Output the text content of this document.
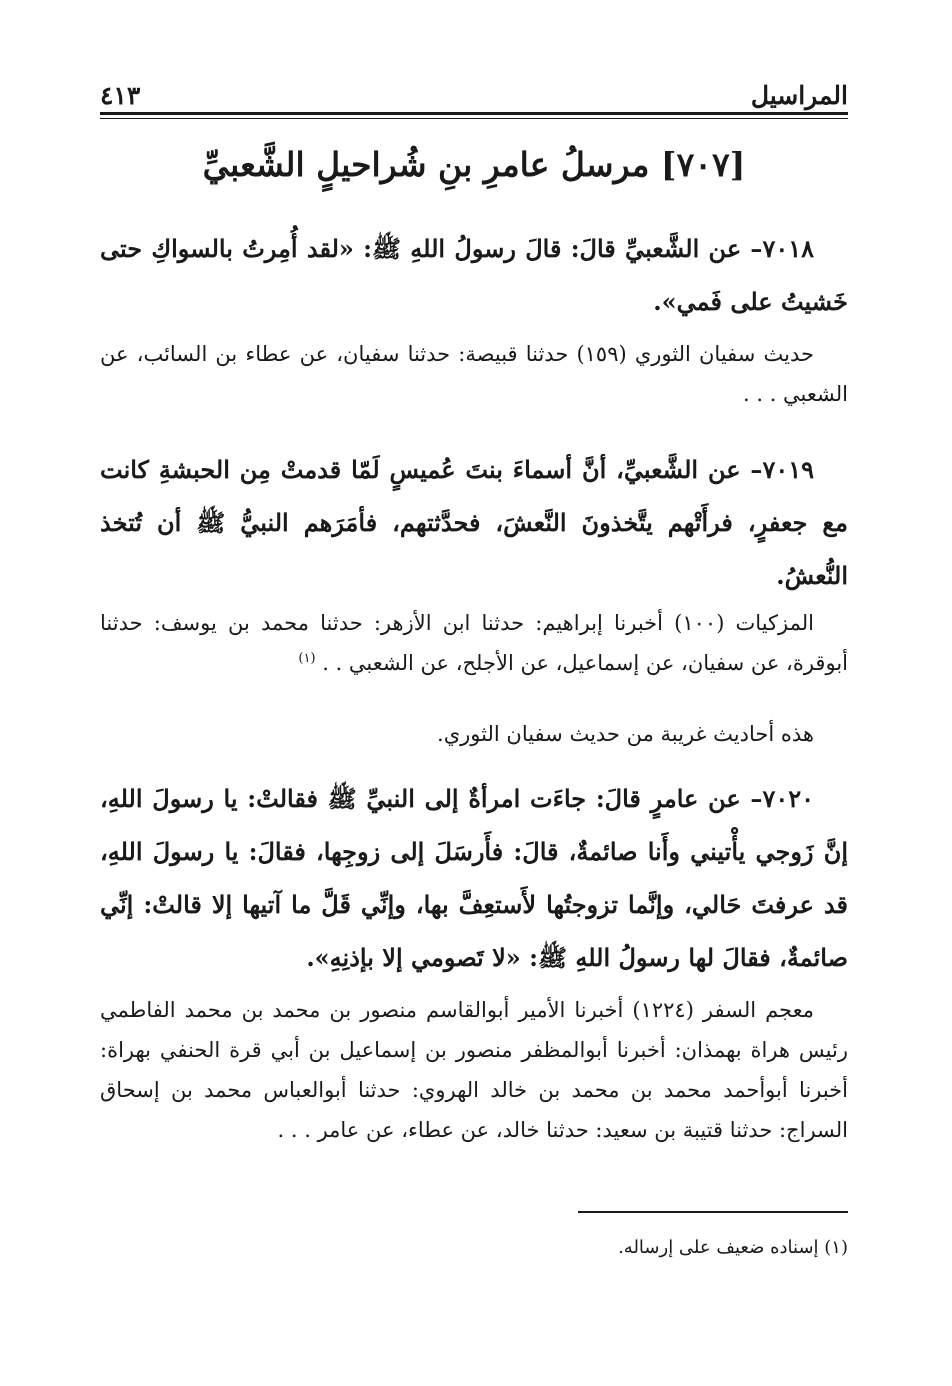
المراسيل
٤١٣
[٧٠٧] مرسلُ عامرِ بنِ شُراحيلٍ الشَّعبيِّ
٧٠١٨– عن الشَّعبيِّ قالَ: قالَ رسولُ اللهِ ﷺ: «لقد أُمِرتُ بالسواكِ حتى خَشيتُ على فَمي».
حديث سفيان الثوري (١٥٩) حدثنا قبيصة: حدثنا سفيان، عن عطاء بن السائب، عن الشعبي . . .
٧٠١٩– عن الشَّعبيِّ، أنَّ أسماءَ بنتَ عُميسٍ لَمّا قدمتْ مِن الحبشةِ كانت مع جعفرٍ، فرأَتْهم يتَّخذونَ النَّعشَ، فحدَّثتهم، فأمَرَهم النبيُّ ﷺ أن تُتخذ النُّعشُ.
المزكيات (١٠٠) أخبرنا إبراهيم: حدثنا ابن الأزهر: حدثنا محمد بن يوسف: حدثنا أبوقرة، عن سفيان، عن إسماعيل، عن الأجلح، عن الشعبي . . $^{(١)}$
هذه أحاديث غريبة من حديث سفيان الثوري.
٧٠٢٠– عن عامرٍ قالَ: جاءَت امرأةٌ إلى النبيِّ ﷺ فقالتْ: يا رسولَ اللهِ، إنَّ زَوجي يأْتيني وأَنا صائمةٌ، قالَ: فأَرسَلَ إلى زوجِها، فقالَ: يا رسولَ اللهِ، قد عرفتَ حَالي، وإنَّما تزوجتُها لأَستعِفَّ بها، وإنِّي قَلَّ ما آتيها إلا قالتْ: إنِّي صائمةٌ، فقالَ لها رسولُ اللهِ ﷺ: «لا تَصومي إلا بإذنِهِ».
معجم السفر (١٢٢٤) أخبرنا الأمير أبوالقاسم منصور بن محمد بن محمد الفاطمي رئيس هراة بهمذان: أخبرنا أبوالمظفر منصور بن إسماعيل بن أبي قرة الحنفي بهراة: أخبرنا أبوأحمد محمد بن محمد بن خالد الهروي: حدثنا أبوالعباس محمد بن إسحاق السراج: حدثنا قتيبة بن سعيد: حدثنا خالد، عن عطاء، عن عامر . . .
(١) إسناده ضعيف على إرساله.
